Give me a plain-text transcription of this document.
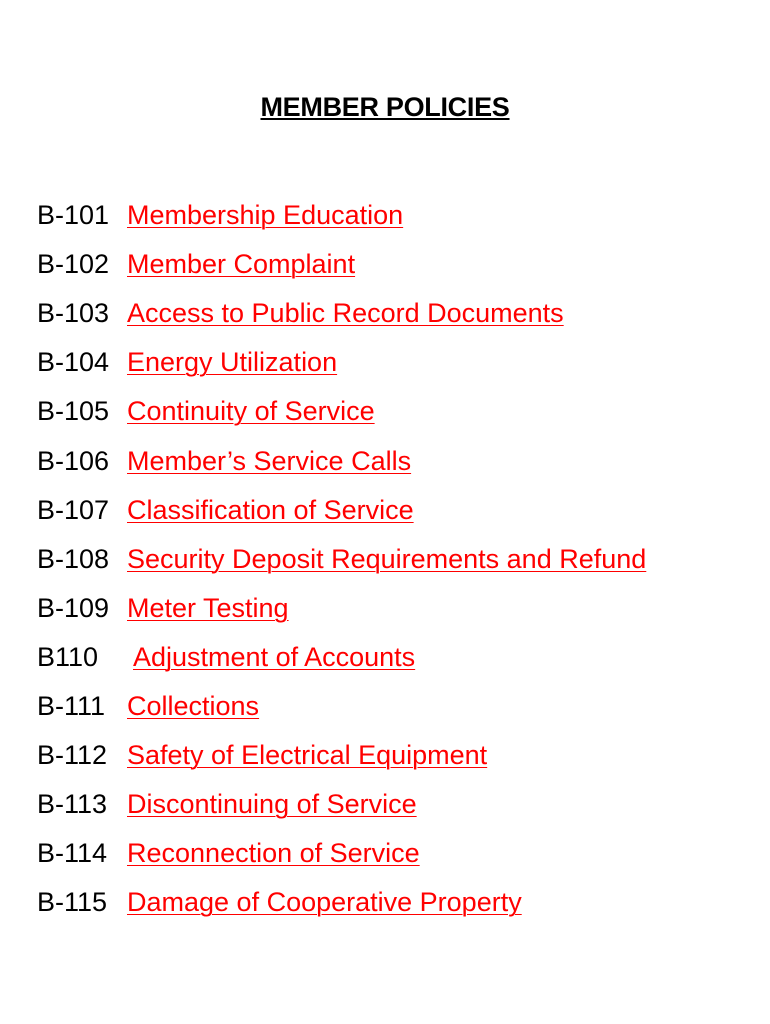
MEMBER POLICIES
B-101 Membership Education
B-102 Member Complaint
B-103 Access to Public Record Documents
B-104 Energy Utilization
B-105 Continuity of Service
B-106 Member’s Service Calls
B-107 Classification of Service
B-108 Security Deposit Requirements and Refund
B-109 Meter Testing
B110	Adjustment of Accounts
B-111 Collections
B-112 Safety of Electrical Equipment
B-113 Discontinuing of Service
B-114 Reconnection of Service
B-115 Damage of Cooperative Property
